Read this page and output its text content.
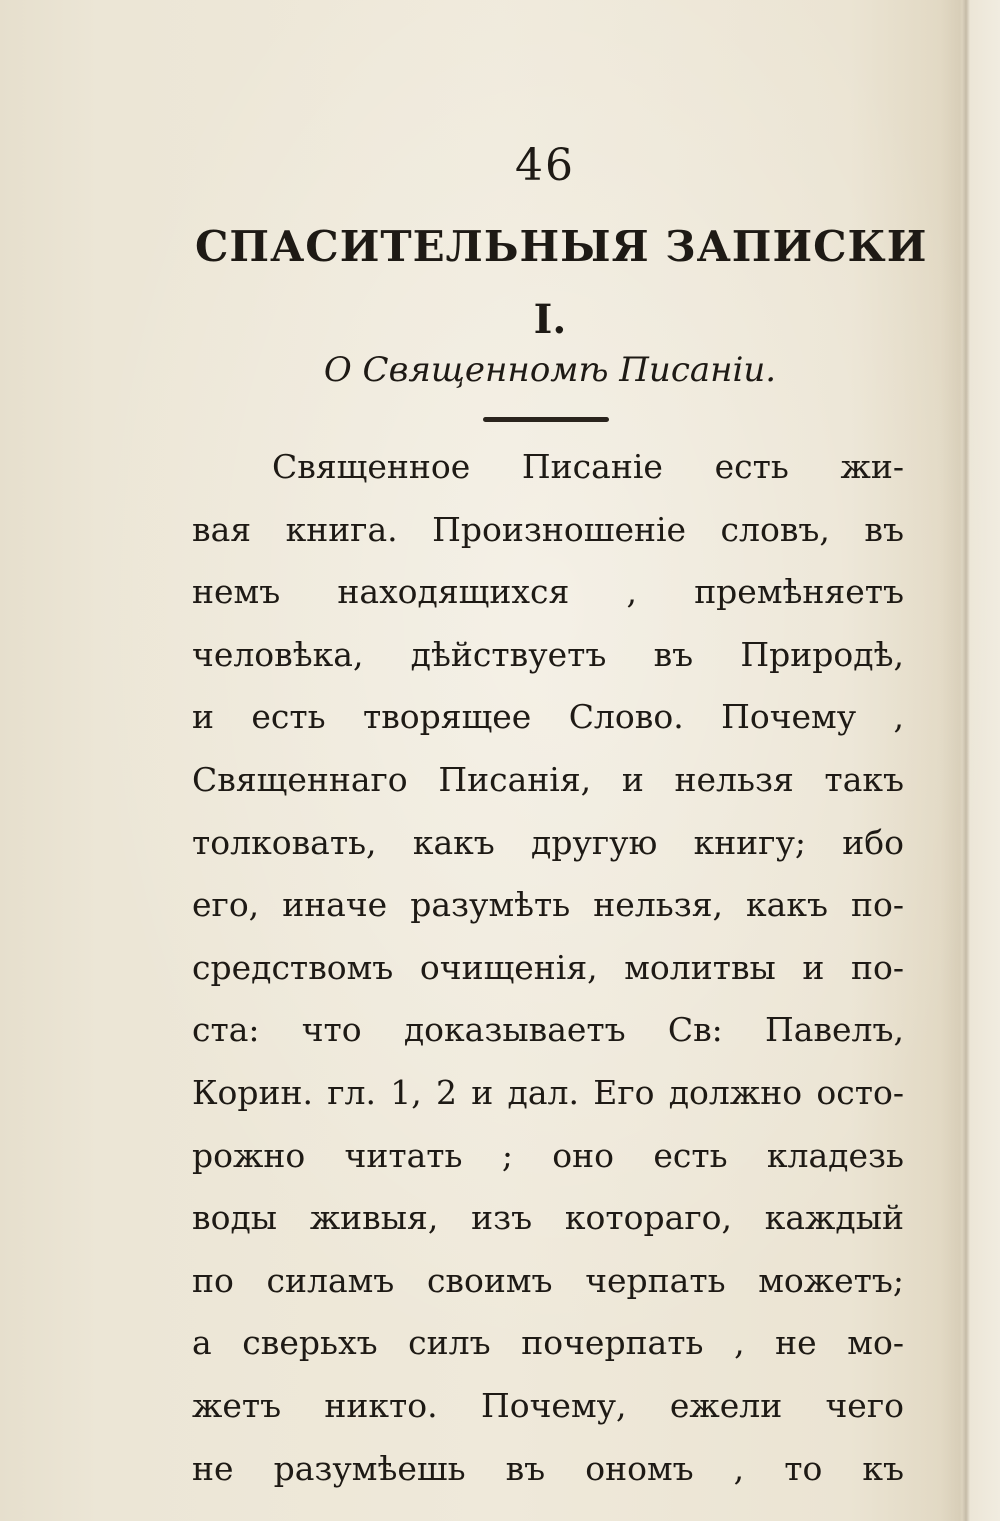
46
СПАСИТЕЛЬНЫЯ ЗАПИСКИ
I.
О Священномѣ Писаніи.
Священное Писаніе есть жи-
вая книга. Произношеніе словъ, въ
немъ находящихся , премѣняетъ
человѣка, дѣйствуетъ въ Природѣ,
и есть творящее Слово. Почему ,
Священнаго Писанія, и нельзя такъ
толковать, какъ другую книгу; ибо
его, иначе разумѣть нельзя, какъ по-
средствомъ очищенія, молитвы и по-
ста: что доказываетъ Св: Павелъ,
Корин. гл. 1, 2 и дал. Его должно осто-
рожно читать ; оно есть кладезь
воды живыя, изъ котораго, каждый
по силамъ своимъ черпать можетъ;
а сверьхъ силъ почерпать , не мо-
жетъ никто. Почему, ежели чего
не разумѣешь въ ономъ , то къ
